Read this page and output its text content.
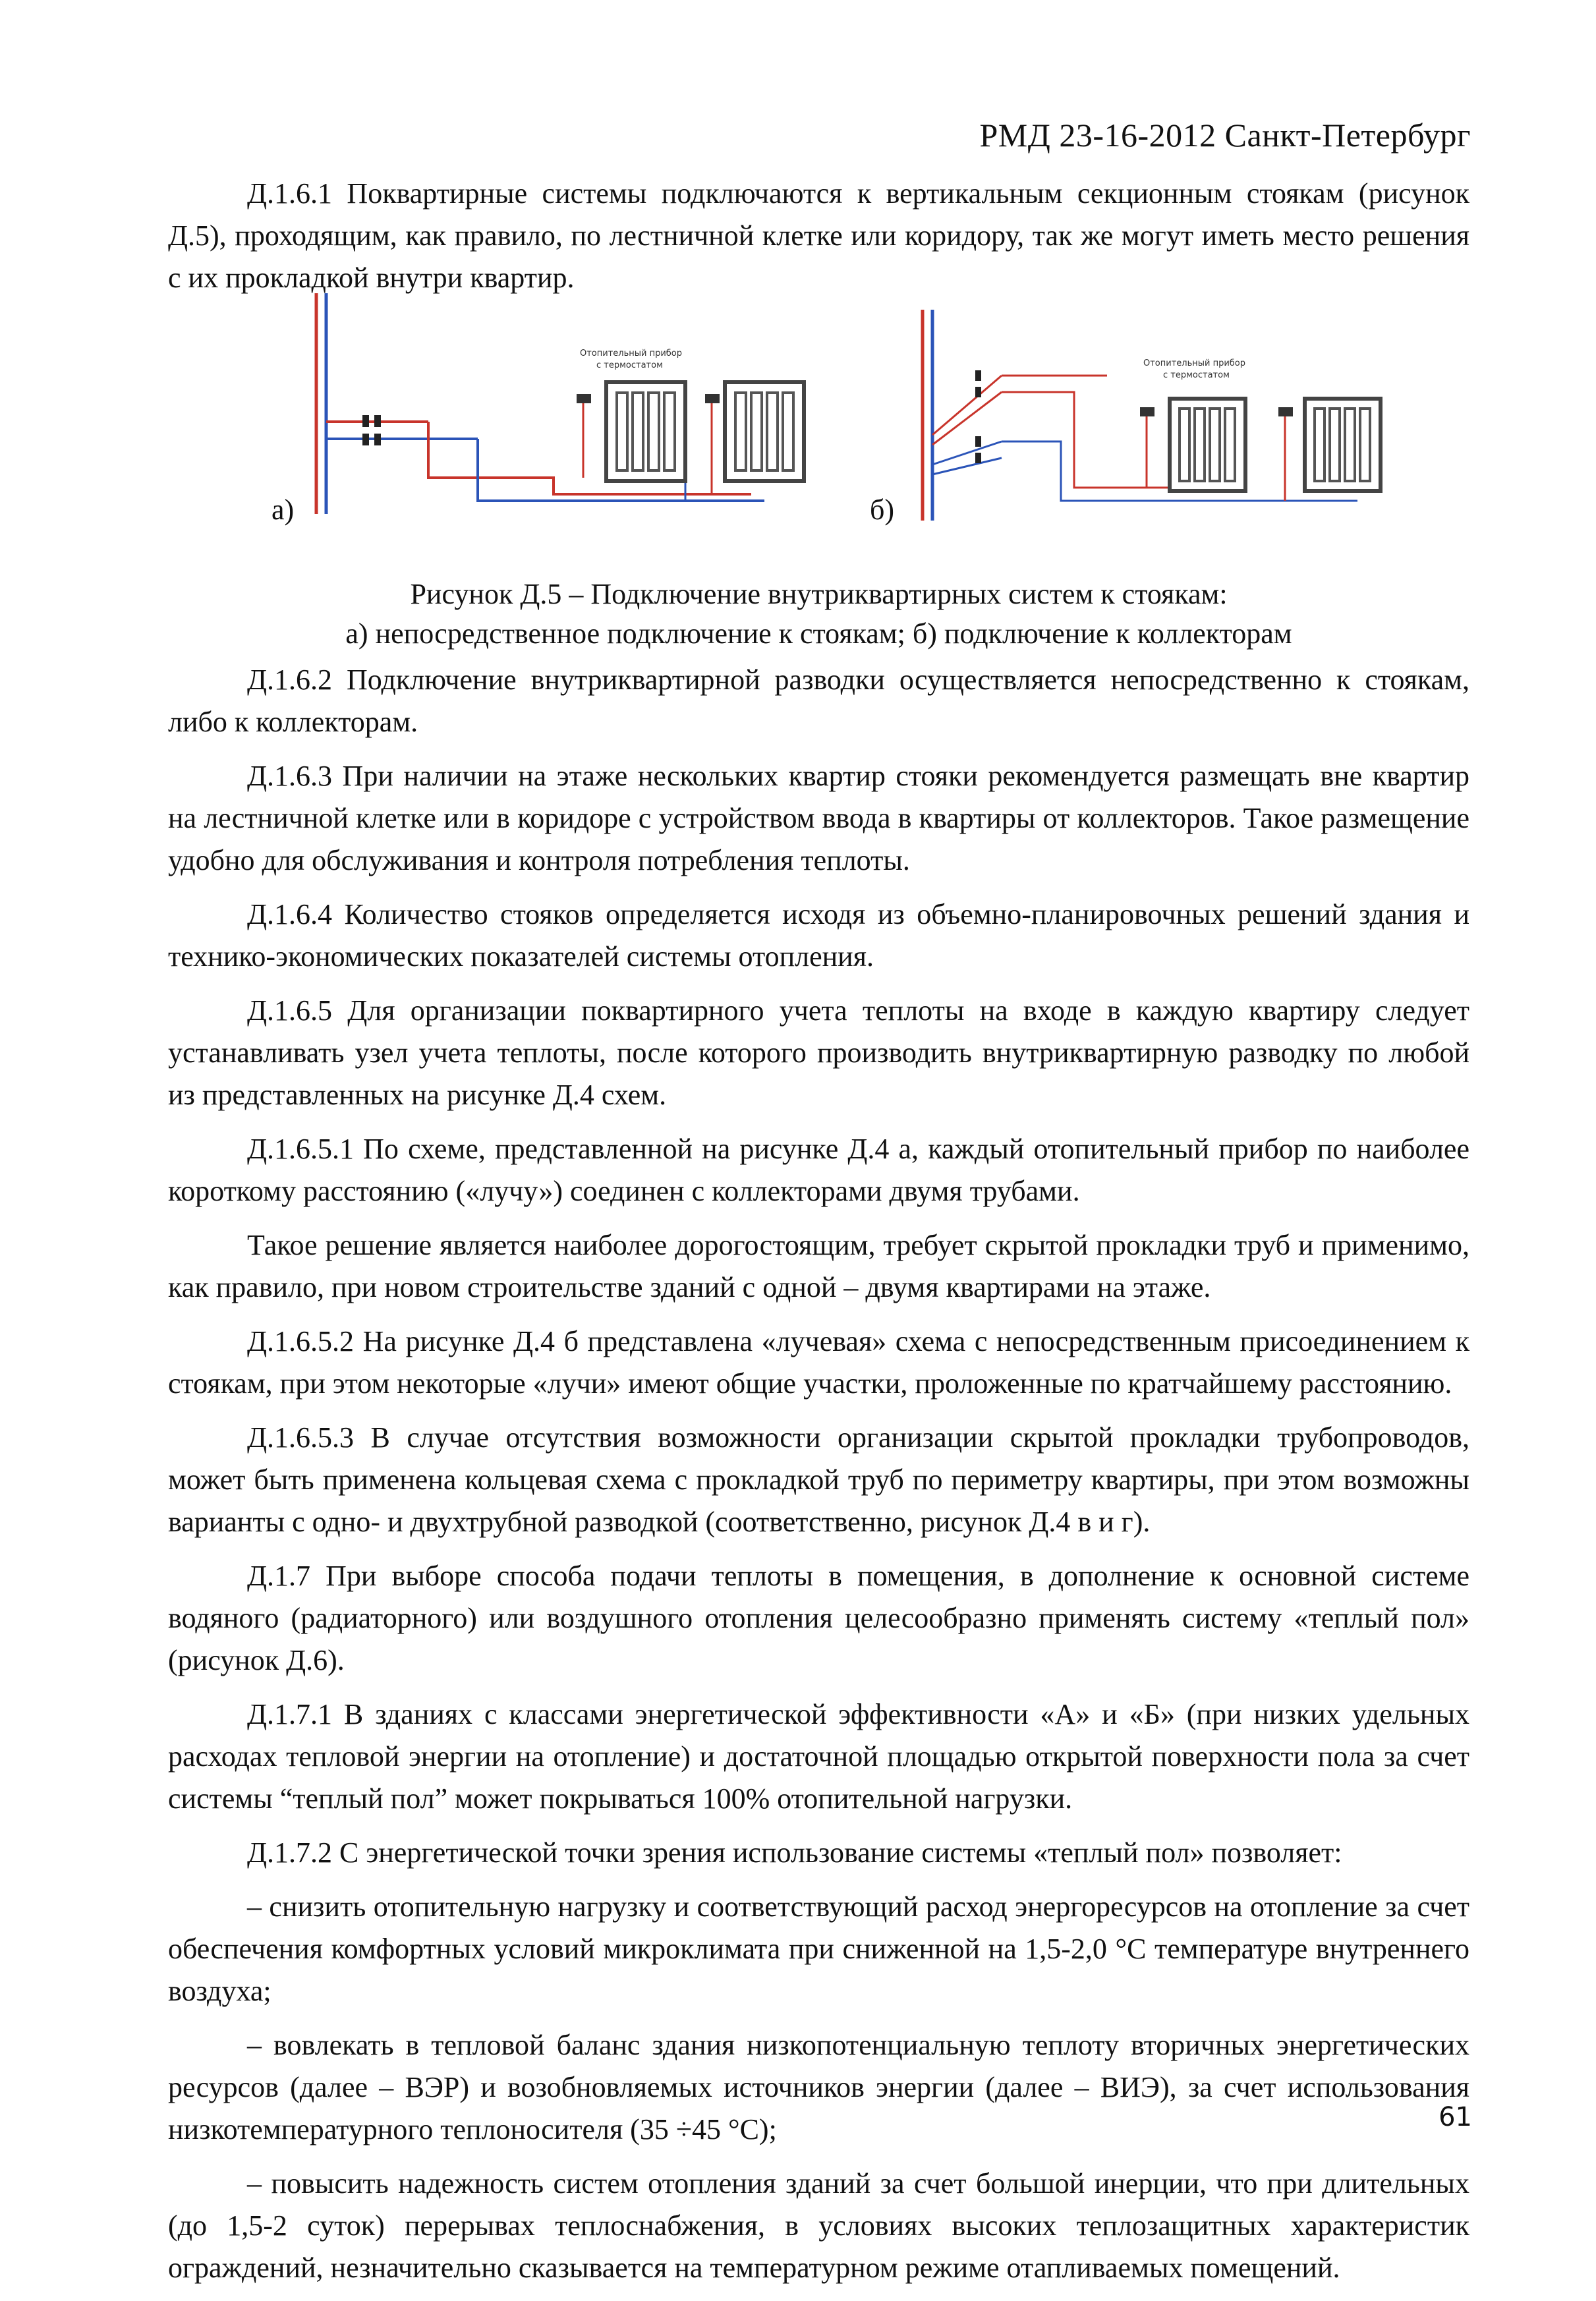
РМД 23-16-2012 Санкт-Петербург

Д.1.6.1 Поквартирные системы подключаются к вертикальным секционным стоякам (рисунок Д.5), проходящим, как правило, по лестничной клетке или коридору, так же могут иметь место решения с их прокладкой внутри квартир.

Отопительный прибор
с термостатом	Отопительный прибор
с термостатом
а)	б)
Рисунок Д.5 – Подключение внутриквартирных систем к стоякам:
а) непосредственное подключение к стоякам; б) подключение к коллекторам

Д.1.6.2 Подключение внутриквартирной разводки осуществляется непосредственно к стоякам, либо к коллекторам.

Д.1.6.3 При наличии на этаже нескольких квартир стояки рекомендуется размещать вне квартир на лестничной клетке или в коридоре с устройством ввода в квартиры от коллекторов. Такое размещение удобно для обслуживания и контроля потребления теплоты.

Д.1.6.4 Количество стояков определяется исходя из объемно-планировочных решений здания и технико-экономических показателей системы отопления.

Д.1.6.5 Для организации поквартирного учета теплоты на входе в каждую квартиру следует устанавливать узел учета теплоты, после которого производить внутриквартирную разводку по любой из представленных на рисунке Д.4 схем.

Д.1.6.5.1 По схеме, представленной на рисунке Д.4 а, каждый отопительный прибор по наиболее короткому расстоянию («лучу») соединен с коллекторами двумя трубами.

Такое решение является наиболее дорогостоящим, требует скрытой прокладки труб и применимо, как правило, при новом строительстве зданий с одной – двумя квартирами на этаже.

Д.1.6.5.2 На рисунке Д.4 б представлена «лучевая» схема с непосредственным присоединением к стоякам, при этом некоторые «лучи» имеют общие участки, проложенные по кратчайшему расстоянию.

Д.1.6.5.3 В случае отсутствия возможности организации скрытой прокладки трубопроводов, может быть применена кольцевая схема с прокладкой труб по периметру квартиры, при этом возможны варианты с одно- и двухтрубной разводкой (соответственно, рисунок Д.4 в и г).

Д.1.7 При выборе способа подачи теплоты в помещения, в дополнение к основной системе водяного (радиаторного) или воздушного отопления целесообразно применять систему «теплый пол» (рисунок Д.6).

Д.1.7.1 В зданиях с классами энергетической эффективности «А» и «Б» (при низких удельных расходах тепловой энергии на отопление) и достаточной площадью открытой поверхности пола за счет системы “теплый пол” может покрываться 100% отопительной нагрузки.

Д.1.7.2 С энергетической точки зрения использование системы «теплый пол» позволяет:

– снизить отопительную нагрузку и соответствующий расход энергоресурсов на отопление за счет обеспечения комфортных условий микроклимата при сниженной на 1,5-2,0 °С температуре внутреннего воздуха;

– вовлекать в тепловой баланс здания низкопотенциальную теплоту вторичных энергетических ресурсов (далее – ВЭР) и возобновляемых источников энергии (далее – ВИЭ), за счет использования низкотемпературного теплоносителя (35 ÷45 °С);

– повысить надежность систем отопления зданий за счет большой инерции, что при длительных (до 1,5-2 суток) перерывах теплоснабжения, в условиях высоких теплозащитных характеристик ограждений, незначительно сказывается на температурном режиме отапливаемых помещений.

61
